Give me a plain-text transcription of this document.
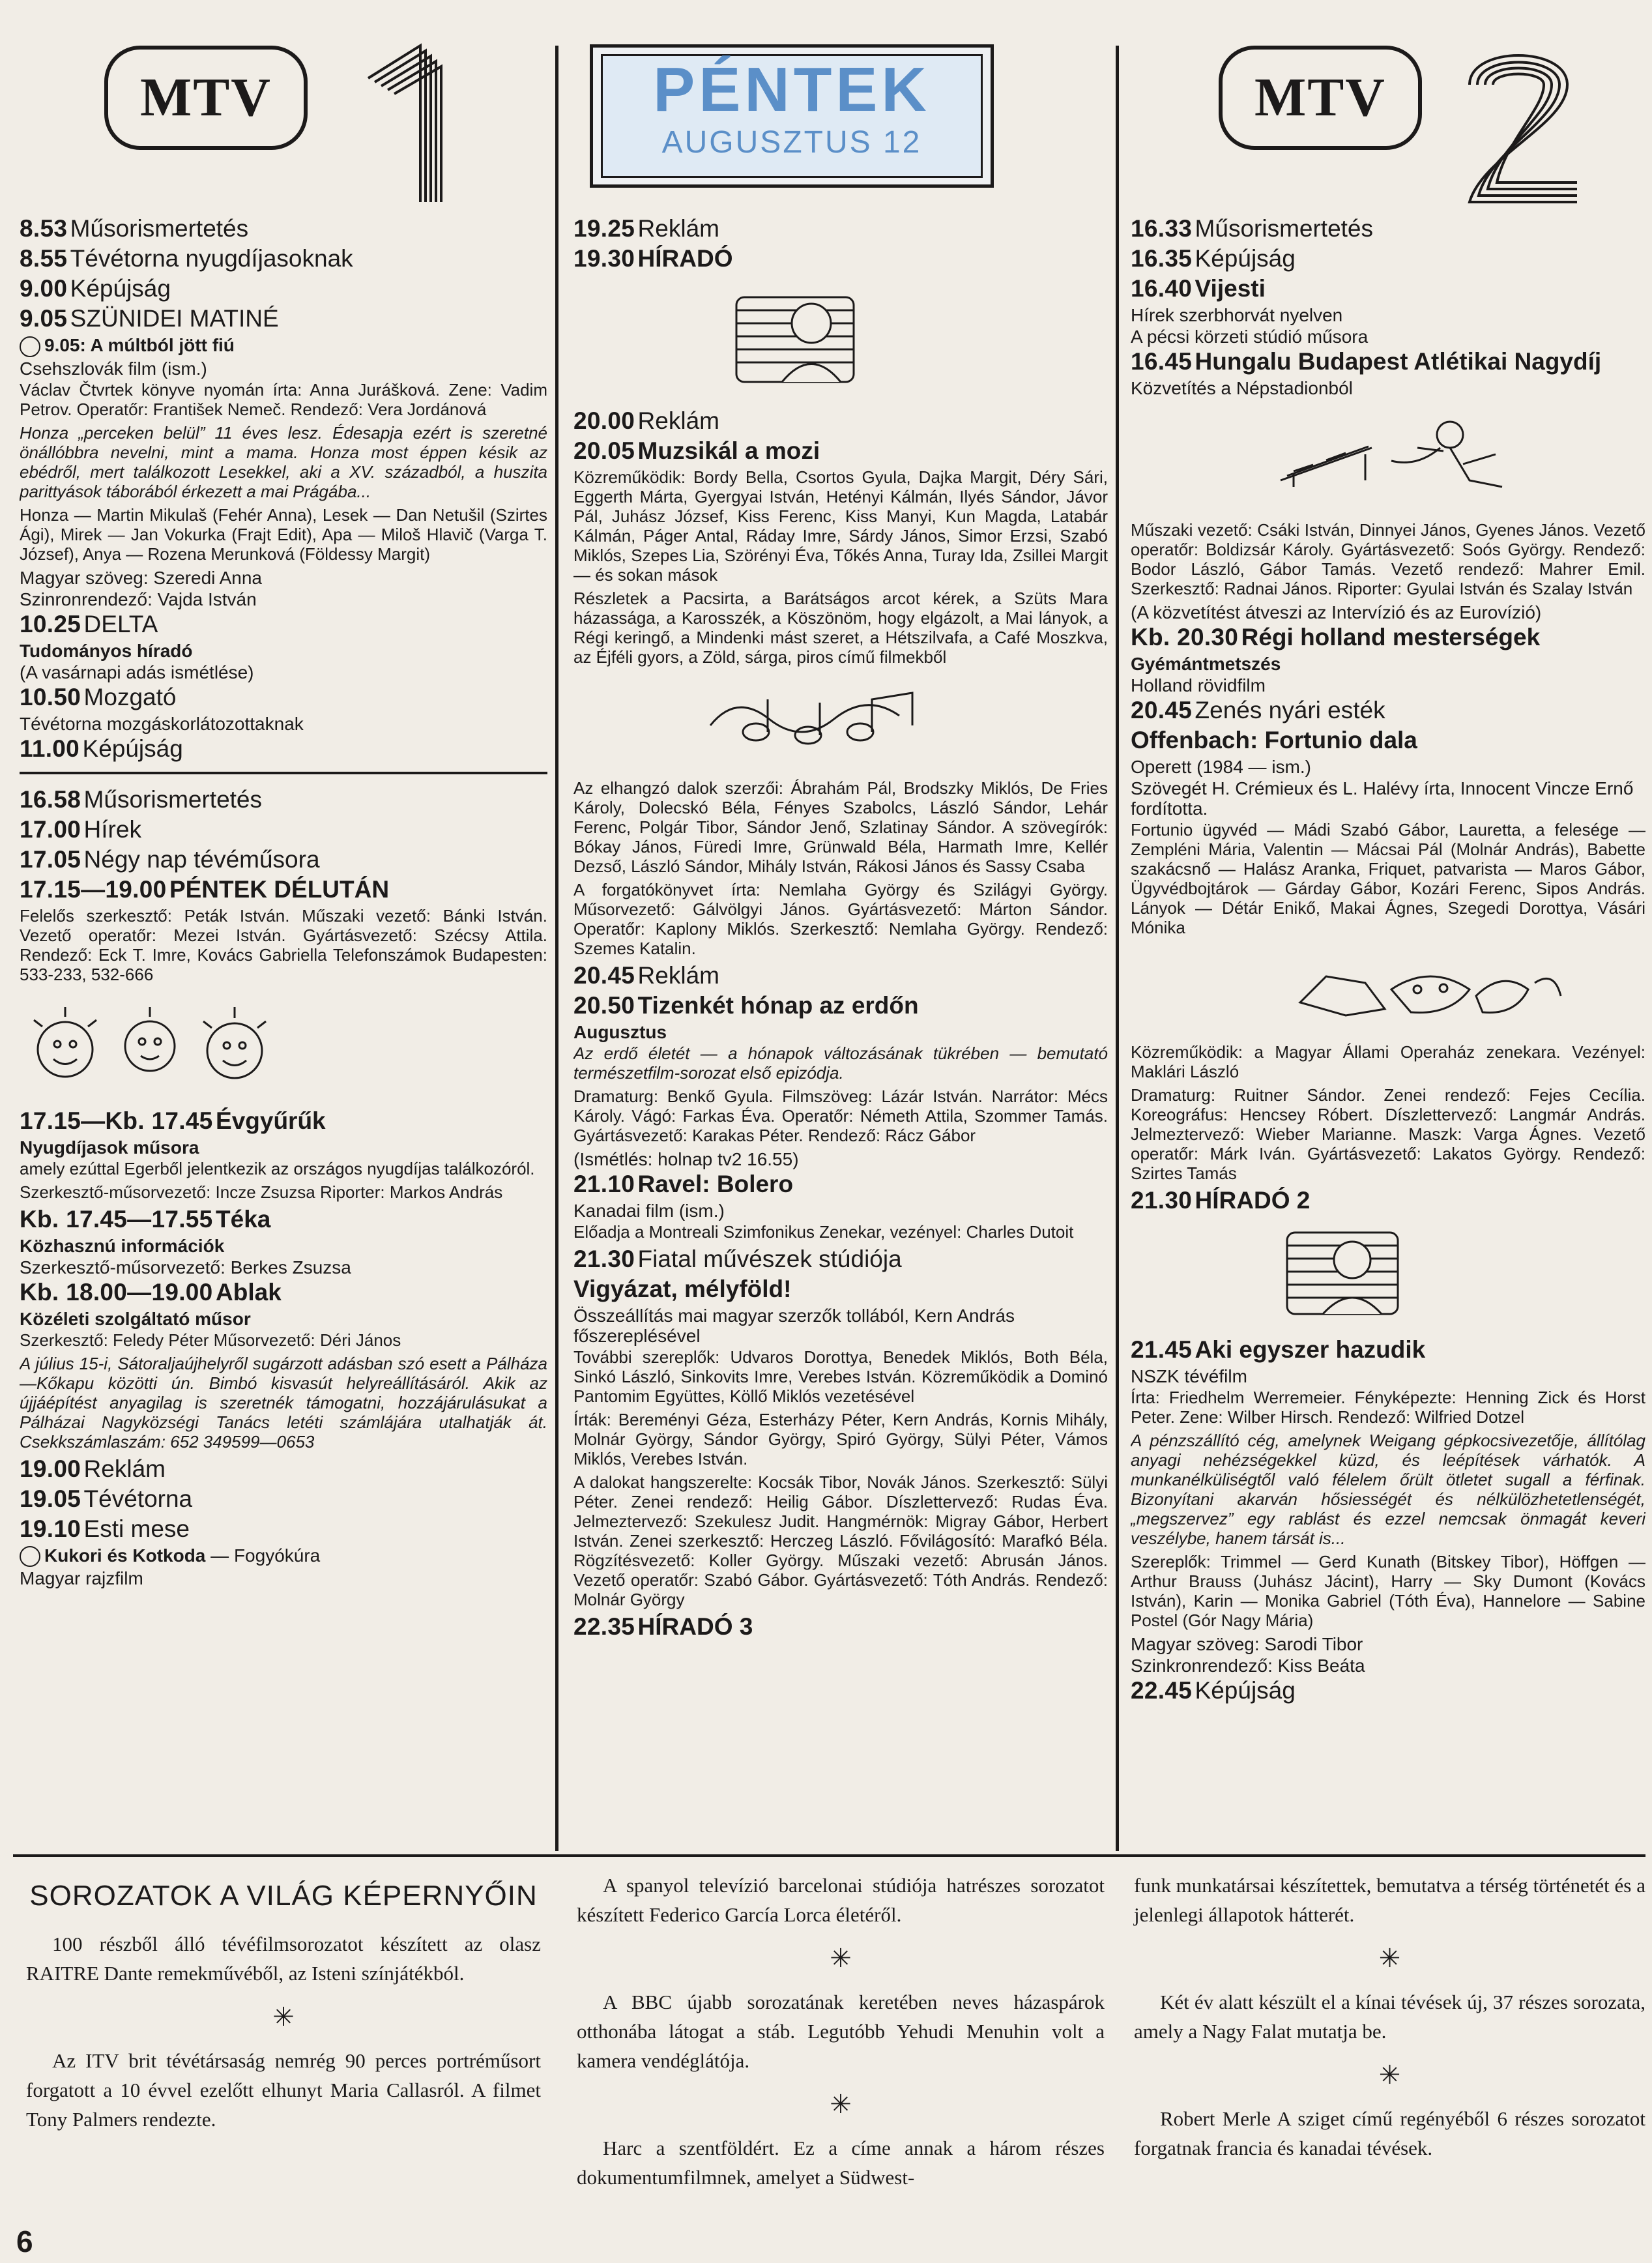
MTV
1
PÉNTEK
AUGUSZTUS 12
MTV
2
8.53 Műsorismertetés
8.55 Tévétorna nyugdíjasoknak
9.00 Képújság
9.05 SZÜNIDEI MATINÉ
9.05: A múltból jött fiú
Csehszlovák film (ism.)
Václav Čtvrtek könyve nyomán írta: Anna Jurášková. Zene: Vadim Petrov. Operatőr: František Nemeč. Rendező: Vera Jordánová
Honza „perceken belül” 11 éves lesz. Édesapja ezért is szeretné önállóbbra nevelni, mint a mama. Honza most éppen késik az ebédről, mert találkozott Lesekkel, aki a XV. századból, a huszita parittyások táborából érkezett a mai Prágába...
Honza — Martin Mikulaš (Fehér Anna), Lesek — Dan Netušil (Szirtes Ági), Mirek — Jan Vokurka (Frajt Edit), Apa — Miloš Hlavič (Varga T. József), Anya — Rozena Merunková (Földessy Margit)
Magyar szöveg: Szeredi Anna
Szinronrendező: Vajda István
10.25 DELTA
Tudományos híradó
(A vasárnapi adás ismétlése)
10.50 Mozgató
Tévétorna mozgáskorlátozottaknak
11.00 Képújság
16.58 Műsorismertetés
17.00 Hírek
17.05 Négy nap tévéműsora
17.15—19.00 PÉNTEK DÉLUTÁN
Felelős szerkesztő: Peták István. Műszaki vezető: Bánki István. Vezető operatőr: Mezei István. Gyártásvezető: Szécsy Attila. Rendező: Eck T. Imre, Kovács Gabriella Telefonszámok Budapesten: 533-233, 532-666
17.15—Kb. 17.45 Évgyűrűk
Nyugdíjasok műsora
amely ezúttal Egerből jelentkezik az országos nyugdíjas találkozóról.
Szerkesztő-műsorvezető: Incze Zsuzsa Riporter: Markos András
Kb. 17.45—17.55 Téka
Közhasznú információk
Szerkesztő-műsorvezető: Berkes Zsuzsa
Kb. 18.00—19.00 Ablak
Közéleti szolgáltató műsor
Szerkesztő: Feledy Péter Műsorvezető: Déri János
A július 15-i, Sátoraljaújhelyről sugárzott adásban szó esett a Pálháza—Kőkapu közötti ún. Bimbó kisvasút helyreállításáról. Akik az újjáépítést anyagilag is szeretnék támogatni, hozzájárulásukat a Pálházai Nagyközségi Tanács letéti számlájára utalhatják át. Csekkszámlaszám: 652 349599—0653
19.00 Reklám
19.05 Tévétorna
19.10 Esti mese
Kukori és Kotkoda — Fogyókúra
Magyar rajzfilm
19.25 Reklám
19.30 HÍRADÓ
20.00 Reklám
20.05 Muzsikál a mozi
Közreműködik: Bordy Bella, Csortos Gyula, Dajka Margit, Déry Sári, Eggerth Márta, Gyergyai István, Hetényi Kálmán, Ilyés Sándor, Jávor Pál, Juhász József, Kiss Ferenc, Kiss Manyi, Kun Magda, Latabár Kálmán, Páger Antal, Ráday Imre, Sárdy János, Simor Erzsi, Szabó Miklós, Szepes Lia, Szörényi Éva, Tőkés Anna, Turay Ida, Zsillei Margit — és sokan mások
Részletek a Pacsirta, a Barátságos arcot kérek, a Szüts Mara házassága, a Karosszék, a Köszönöm, hogy elgázolt, a Mai lányok, a Régi keringő, a Mindenki mást szeret, a Hétszilvafa, a Café Moszkva, az Éjféli gyors, a Zöld, sárga, piros című filmekből
Az elhangzó dalok szerzői: Ábrahám Pál, Brodszky Miklós, De Fries Károly, Dolecskó Béla, Fényes Szabolcs, László Sándor, Lehár Ferenc, Polgár Tibor, Sándor Jenő, Szlatinay Sándor. A szövegírók: Bókay János, Füredi Imre, Grünwald Béla, Harmath Imre, Kellér Dezső, László Sándor, Mihály István, Rákosi János és Sassy Csaba
A forgatókönyvet írta: Nemlaha György és Szilágyi György. Műsorvezető: Gálvölgyi János. Gyártásvezető: Márton Sándor. Operatőr: Kaplony Miklós. Szerkesztő: Nemlaha György. Rendező: Szemes Katalin.
20.45 Reklám
20.50 Tizenkét hónap az erdőn
Augusztus
Az erdő életét — a hónapok változásának tükrében — bemutató természetfilm-sorozat első epizódja.
Dramaturg: Benkő Gyula. Filmszöveg: Lázár István. Narrátor: Mécs Károly. Vágó: Farkas Éva. Operatőr: Németh Attila, Szommer Tamás. Gyártásvezető: Karakas Péter. Rendező: Rácz Gábor
(Ismétlés: holnap tv2 16.55)
21.10 Ravel: Bolero
Kanadai film (ism.)
Előadja a Montreali Szimfonikus Zenekar, vezényel: Charles Dutoit
21.30 Fiatal művészek stúdiója
Vigyázat, mélyföld!
Összeállítás mai magyar szerzők tollából, Kern András főszereplésével
További szereplők: Udvaros Dorottya, Benedek Miklós, Both Béla, Sinkó László, Sinkovits Imre, Verebes István. Közreműködik a Dominó Pantomim Együttes, Köllő Miklós vezetésével
Írták: Bereményi Géza, Esterházy Péter, Kern András, Kornis Mihály, Molnár György, Sándor György, Spiró György, Sülyi Péter, Vámos Miklós, Verebes István.
A dalokat hangszerelte: Kocsák Tibor, Novák János. Szerkesztő: Sülyi Péter. Zenei rendező: Heilig Gábor. Díszlettervező: Rudas Éva. Jelmeztervező: Szekulesz Judit. Hangmérnök: Migray Gábor, Herbert István. Zenei szerkesztő: Herczeg László. Fővilágosító: Marafkó Béla. Rögzítésvezető: Koller György. Műszaki vezető: Abrusán János. Vezető operatőr: Szabó Gábor. Gyártásvezető: Tóth András. Rendező: Molnár György
22.35 HÍRADÓ 3
16.33 Műsorismertetés
16.35 Képújság
16.40 Vijesti
Hírek szerbhorvát nyelven
A pécsi körzeti stúdió műsora
16.45 Hungalu Budapest Atlétikai Nagydíj
Közvetítés a Népstadionból
Műszaki vezető: Csáki István, Dinnyei János, Gyenes János. Vezető operatőr: Boldizsár Károly. Gyártásvezető: Soós György. Rendező: Bodor László, Gábor Tamás. Vezető rendező: Mahrer Emil. Szerkesztő: Radnai János. Riporter: Gyulai István és Szalay István
(A közvetítést átveszi az Intervízió és az Eurovízió)
Kb. 20.30 Régi holland mesterségek
Gyémántmetszés
Holland rövidfilm
20.45 Zenés nyári esték
Offenbach: Fortunio dala
Operett (1984 — ism.)
Szövegét H. Crémieux és L. Halévy írta, Innocent Vincze Ernő fordította.
Fortunio ügyvéd — Mádi Szabó Gábor, Lauretta, a felesége — Zempléni Mária, Valentin — Mácsai Pál (Molnár András), Babette szakácsnő — Halász Aranka, Friquet, patvarista — Maros Gábor, Ügyvédbojtárok — Gárday Gábor, Kozári Ferenc, Sipos András. Lányok — Détár Enikő, Makai Ágnes, Szegedi Dorottya, Vásári Mónika
Közreműködik: a Magyar Állami Operaház zenekara. Vezényel: Maklári László
Dramaturg: Ruitner Sándor. Zenei rendező: Fejes Cecília. Koreográfus: Hencsey Róbert. Díszlettervező: Langmár András. Jelmeztervező: Wieber Marianne. Maszk: Varga Ágnes. Vezető operatőr: Márk Iván. Gyártásvezető: Lakatos György. Rendező: Szirtes Tamás
21.30 HÍRADÓ 2
21.45 Aki egyszer hazudik
NSZK tévéfilm
Írta: Friedhelm Werremeier. Fényképezte: Henning Zick és Horst Peter. Zene: Wilber Hirsch. Rendező: Wilfried Dotzel
A pénzszállító cég, amelynek Weigang gépkocsivezetője, állítólag anyagi nehézségekkel küzd, és leépítések várhatók. A munkanélküliségtől való félelem őrült ötletet sugall a férfinak. Bizonyítani akarván hősiességét és nélkülözhetetlenségét, „megszervez” egy rablást és ezzel nemcsak önmagát keveri veszélybe, hanem társát is...
Szereplők: Trimmel — Gerd Kunath (Bitskey Tibor), Höffgen — Arthur Brauss (Juhász Jácint), Harry — Sky Dumont (Kovács István), Karin — Monika Gabriel (Tóth Éva), Hannelore — Sabine Postel (Gór Nagy Mária)
Magyar szöveg: Sarodi Tibor
Szinkronrendező: Kiss Beáta
22.45 Képújság
SOROZATOK A VILÁG KÉPERNYŐIN

100 részből álló tévéfilmsorozatot készített az olasz RAITRE Dante remekművéből, az Isteni színjátékból.

✳

Az ITV brit tévétársaság nemrég 90 perces portréműsort forgatott a 10 évvel ezelőtt elhunyt Maria Callasról. A filmet Tony Palmers rendezte.

A spanyol televízió barcelonai stúdiója hatrészes sorozatot készített Federico García Lorca életéről.

✳

A BBC újabb sorozatának keretében neves házaspárok otthonába látogat a stáb. Legutóbb Yehudi Menuhin volt a kamera vendéglátója.

✳

Harc a szentföldért. Ez a címe annak a három részes dokumentumfilmnek, amelyet a Südwest-

funk munkatársai készítettek, bemutatva a térség történetét és a jelenlegi állapotok hátterét.

✳

Két év alatt készült el a kínai tévések új, 37 részes sorozata, amely a Nagy Falat mutatja be.

✳

Robert Merle A sziget című regényéből 6 részes sorozatot forgatnak francia és kanadai tévések.

6
